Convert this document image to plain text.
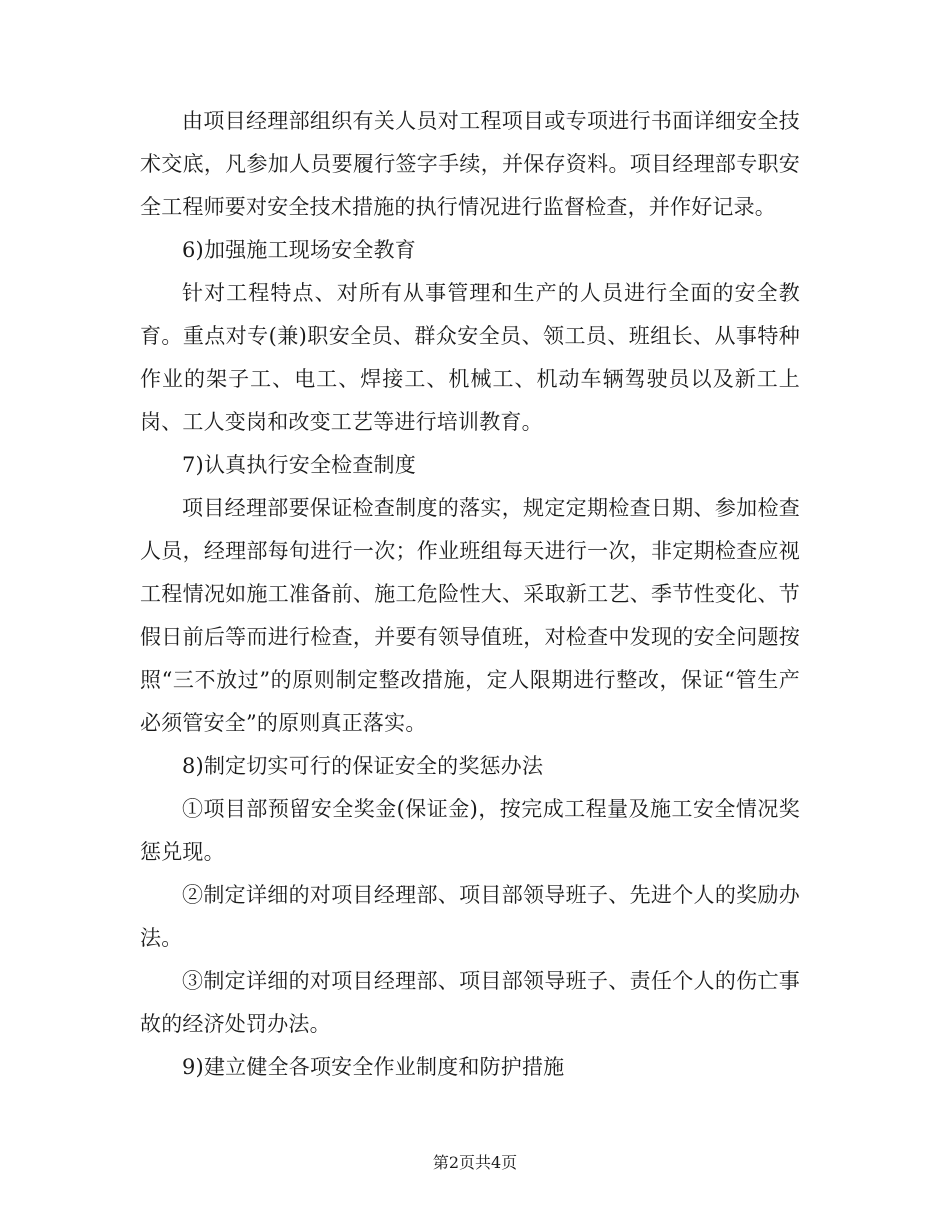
由项目经理部组织有关人员对工程项目或专项进行书面详细安全技术交底，凡参加人员要履行签字手续，并保存资料。项目经理部专职安全工程师要对安全技术措施的执行情况进行监督检查，并作好记录。

6)加强施工现场安全教育

针对工程特点、对所有从事管理和生产的人员进行全面的安全教育。重点对专(兼)职安全员、群众安全员、领工员、班组长、从事特种作业的架子工、电工、焊接工、机械工、机动车辆驾驶员以及新工上岗、工人变岗和改变工艺等进行培训教育。

7)认真执行安全检查制度

项目经理部要保证检查制度的落实，规定定期检查日期、参加检查人员，经理部每旬进行一次；作业班组每天进行一次，非定期检查应视工程情况如施工准备前、施工危险性大、采取新工艺、季节性变化、节假日前后等而进行检查，并要有领导值班，对检查中发现的安全问题按照“三不放过”的原则制定整改措施，定人限期进行整改，保证“管生产必须管安全”的原则真正落实。

8)制定切实可行的保证安全的奖惩办法

①项目部预留安全奖金(保证金)，按完成工程量及施工安全情况奖惩兑现。

②制定详细的对项目经理部、项目部领导班子、先进个人的奖励办法。

③制定详细的对项目经理部、项目部领导班子、责任个人的伤亡事故的经济处罚办法。

9)建立健全各项安全作业制度和防护措施

第2页共4页
